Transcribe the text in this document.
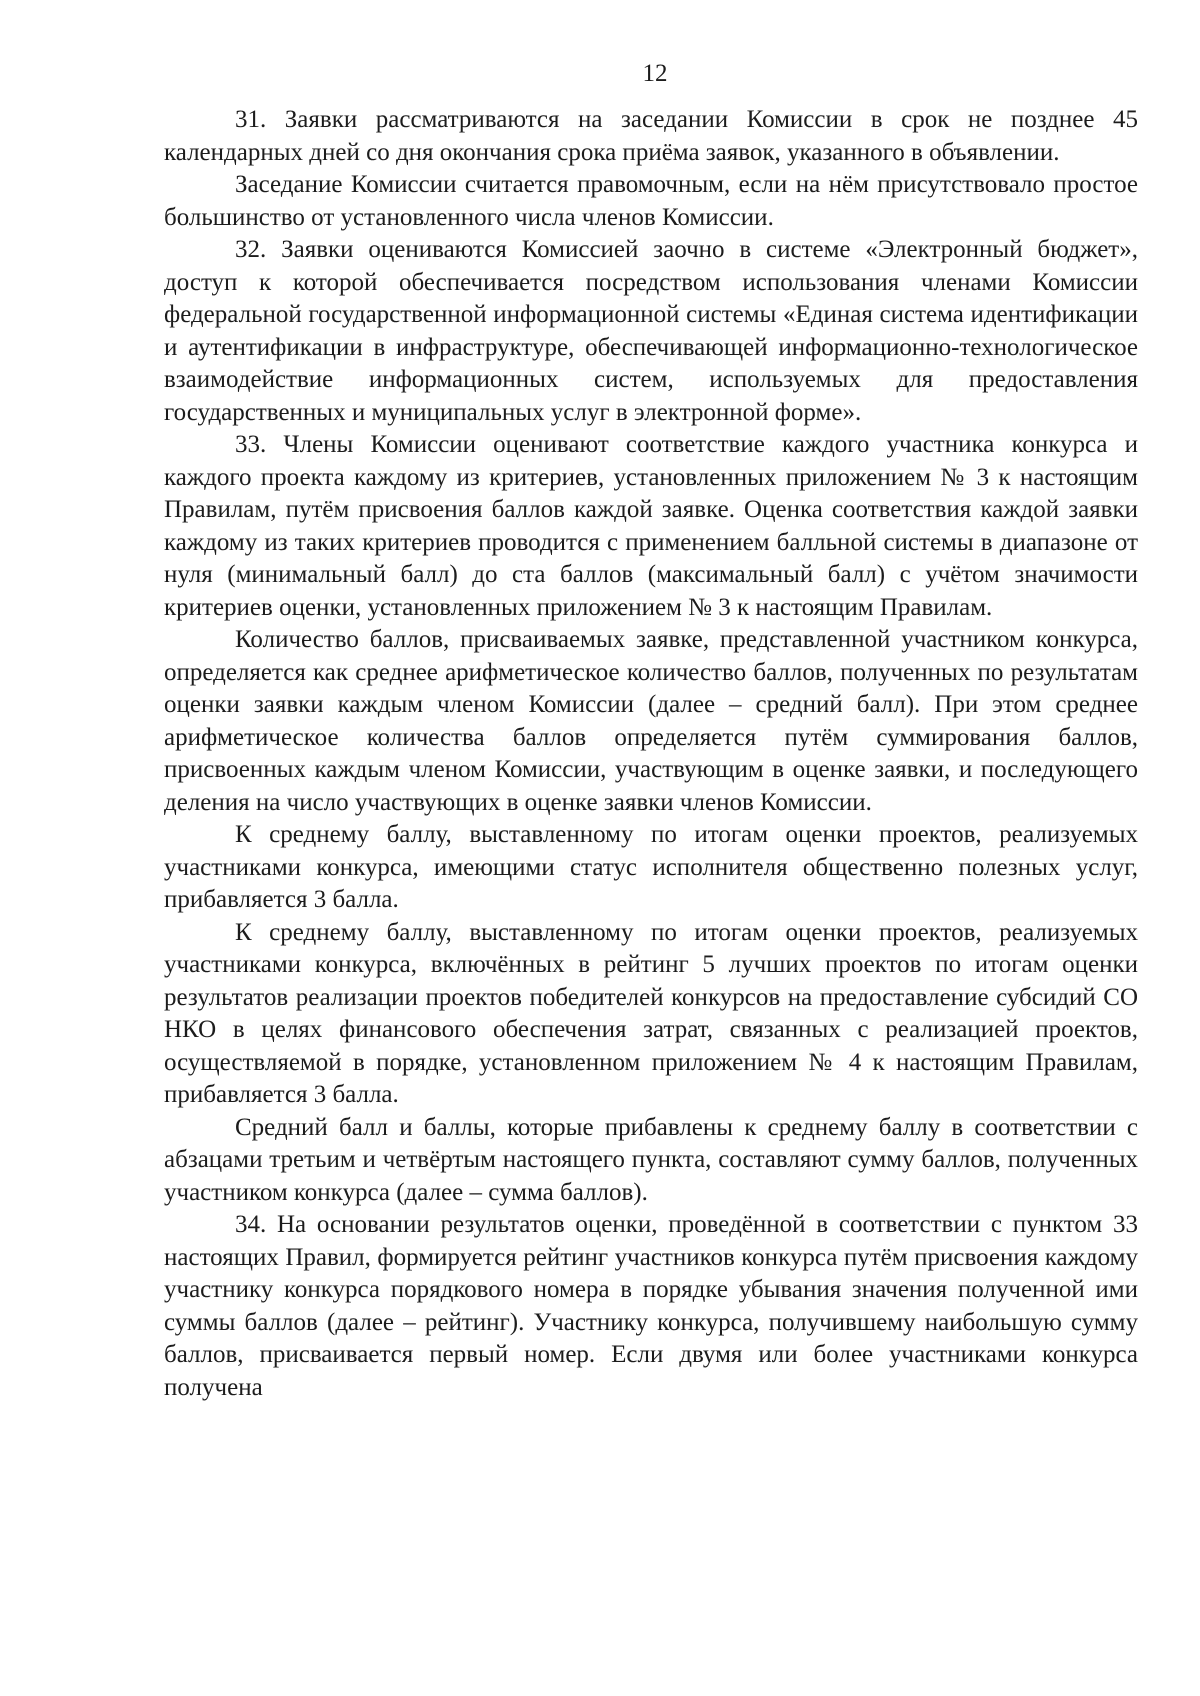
12

31. Заявки рассматриваются на заседании Комиссии в срок не позднее 45 календарных дней со дня окончания срока приёма заявок, указанного в объявлении.

Заседание Комиссии считается правомочным, если на нём присутствовало простое большинство от установленного числа членов Комиссии.

32. Заявки оцениваются Комиссией заочно в системе «Электронный бюджет», доступ к которой обеспечивается посредством использования членами Комиссии федеральной государственной информационной системы «Единая система идентификации и аутентификации в инфраструктуре, обеспечивающей информационно-технологическое взаимодействие информационных систем, используемых для предоставления государственных и муниципальных услуг в электронной форме».

33. Члены Комиссии оценивают соответствие каждого участника конкурса и каждого проекта каждому из критериев, установленных приложением № 3 к настоящим Правилам, путём присвоения баллов каждой заявке. Оценка соответствия каждой заявки каждому из таких критериев проводится с применением балльной системы в диапазоне от нуля (минимальный балл) до ста баллов (максимальный балл) с учётом значимости критериев оценки, установленных приложением № 3 к настоящим Правилам.

Количество баллов, присваиваемых заявке, представленной участником конкурса, определяется как среднее арифметическое количество баллов, полученных по результатам оценки заявки каждым членом Комиссии (далее – средний балл). При этом среднее арифметическое количества баллов определяется путём суммирования баллов, присвоенных каждым членом Комиссии, участвующим в оценке заявки, и последующего деления на число участвующих в оценке заявки членов Комиссии.

К среднему баллу, выставленному по итогам оценки проектов, реализуемых участниками конкурса, имеющими статус исполнителя общественно полезных услуг, прибавляется 3 балла.

К среднему баллу, выставленному по итогам оценки проектов, реализуемых участниками конкурса, включённых в рейтинг 5 лучших проектов по итогам оценки результатов реализации проектов победителей конкурсов на предоставление субсидий СО НКО в целях финансового обеспечения затрат, связанных с реализацией проектов, осуществляемой в порядке, установленном приложением № 4 к настоящим Правилам, прибавляется 3 балла.

Средний балл и баллы, которые прибавлены к среднему баллу в соответствии с абзацами третьим и четвёртым настоящего пункта, составляют сумму баллов, полученных участником конкурса (далее – сумма баллов).

34. На основании результатов оценки, проведённой в соответствии с пунктом 33 настоящих Правил, формируется рейтинг участников конкурса путём присвоения каждому участнику конкурса порядкового номера в порядке убывания значения полученной ими суммы баллов (далее – рейтинг). Участнику конкурса, получившему наибольшую сумму баллов, присваивается первый номер. Если двумя или более участниками конкурса получена
